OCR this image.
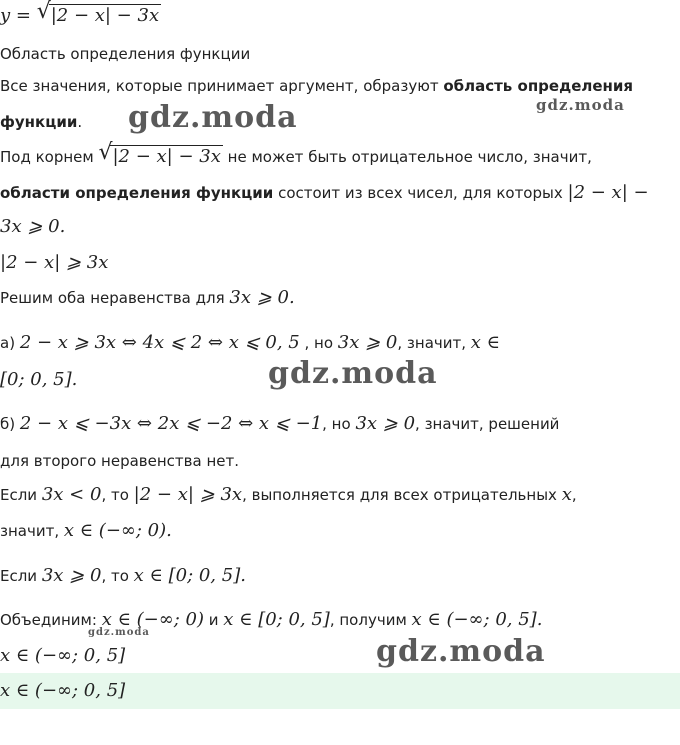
y = √ |2 − x| − 3x
Область определения функции
Все значения, которые принимает аргумент, образуют область определения
функции.
Под корнем √ |2 − x| − 3x не может быть отрицательное число, значит,
области определения функции состоит из всех чисел, для которых |2 − x| −
3x ⩾ 0.
|2 − x| ⩾ 3x
Решим оба неравенства для 3x ⩾ 0.
а) 2 − x ⩾ 3x ⇔ 4x ⩽ 2 ⇔ x ⩽ 0, 5 , но 3x ⩾ 0, значит, x ∈
[0; 0, 5].
б) 2 − x ⩽ −3x ⇔ 2x ⩽ −2 ⇔ x ⩽ −1, но 3x ⩾ 0, значит, решений
для второго неравенства нет.
Если 3x < 0, то |2 − x| ⩾ 3x, выполняется для всех отрицательных x,
значит, x ∈ (−∞; 0).
Если 3x ⩾ 0, то x ∈ [0; 0, 5].
Объединим: x ∈ (−∞; 0) и x ∈ [0; 0, 5], получим x ∈ (−∞; 0, 5].
x ∈ (−∞; 0, 5]
x ∈ (−∞; 0, 5]
gdz.moda	gdz.moda
gdz.moda
gdz.moda
gdz.moda
